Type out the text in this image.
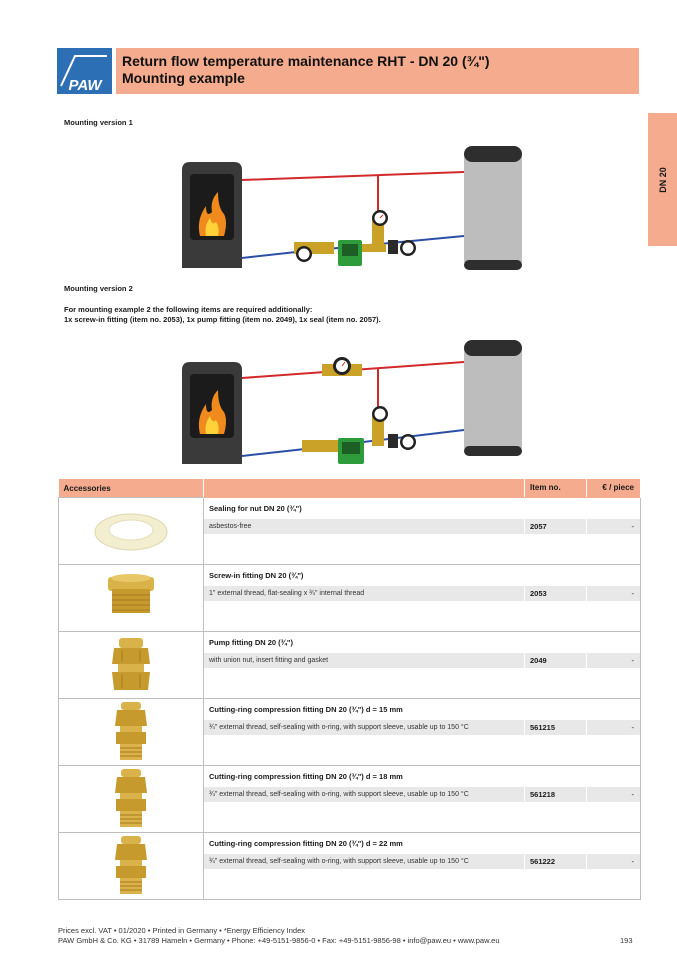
PAW
Return flow temperature maintenance RHT - DN 20 (¾")
Mounting example
DN 20
Mounting version 1
Mounting version 2
For mounting example 2 the following items are required additionally:
1x screw-in fitting (item no. 2053), 1x pump fitting (item no. 2049), 1x seal (item no. 2057).
Accessories	Item no. € / piece

Sealing for nut DN 20 (¾")
asbestos-free 2057 -

Screw-in fitting DN 20 (¾")
1" external thread, flat-sealing x ¾" internal thread 2053 -

Pump fitting DN 20 (¾")
with union nut, insert fitting and gasket 2049 -

Cutting-ring compression fitting DN 20 (¾") d = 15 mm
¾" external thread, self-sealing with o-ring, with support sleeve, usable up to 150 °C 561215 -

Cutting-ring compression fitting DN 20 (¾") d = 18 mm
¾" external thread, self-sealing with o-ring, with support sleeve, usable up to 150 °C 561218 -

Cutting-ring compression fitting DN 20 (¾") d = 22 mm
¾" external thread, self-sealing with o-ring, with support sleeve, usable up to 150 °C 561222 -
Prices excl. VAT • 01/2020 • Printed in Germany • *Energy Efficiency Index
PAW GmbH & Co. KG • 31789 Hameln • Germany • Phone: +49-5151-9856-0 • Fax: +49-5151-9856-98 • info@paw.eu • www.paw.eu	193
